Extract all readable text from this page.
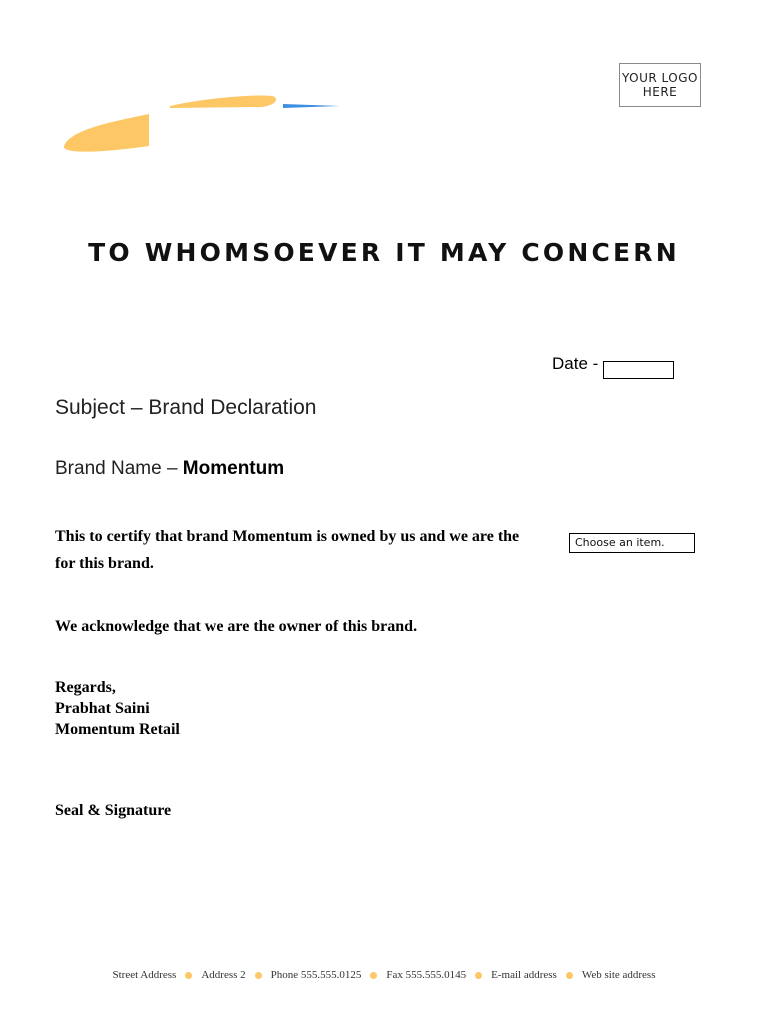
YOUR LOGO
HERE
TO WHOMSOEVER IT MAY CONCERN
Date -
Subject – Brand Declaration
Brand Name – Momentum
This to certify that brand Momentum is owned by us and we are the
for this brand.
Choose an item.
We acknowledge that we are the owner of this brand.
Regards,
Prabhat Saini
Momentum Retail
Seal & Signature
Street Address Address 2 Phone 555.555.0125 Fax 555.555.0145 E-mail address Web site address
